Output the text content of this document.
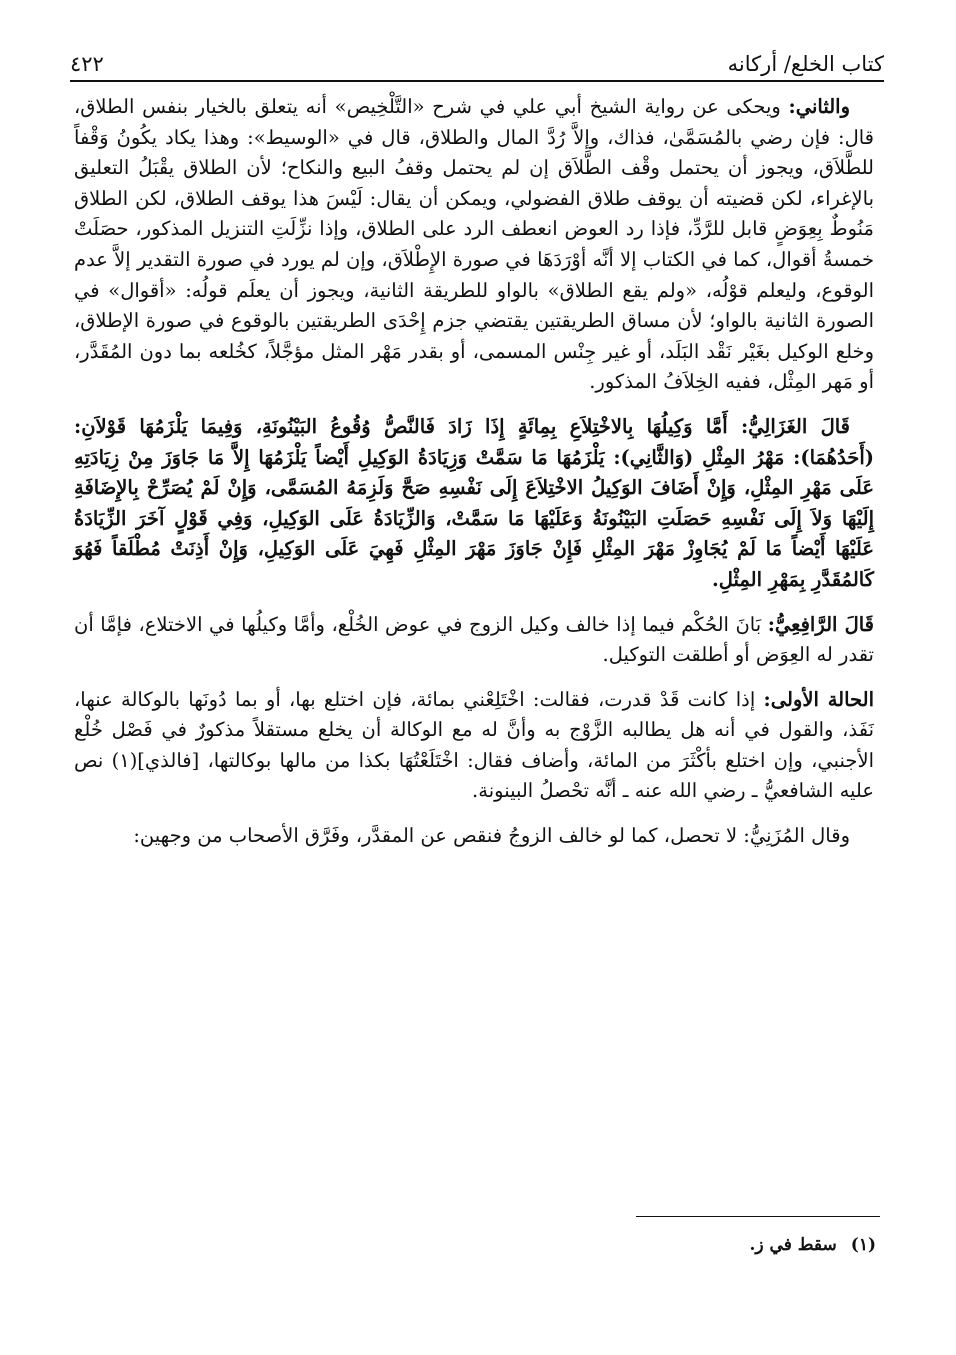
كتاب الخلع/ أركانه
٤٢٢

والثاني: ويحكى عن رواية الشيخ أبي علي في شرح «التَّلْخِيص» أنه يتعلق بالخيار بنفس الطلاق، قال: فإن رضي بالمُسَمَّىٰ، فذاك، وإلاَّ رُدَّ المال والطلاق، قال في «الوسيط»: وهذا يكاد يكُونُ وَقْفاً للطَّلاَق، ويجوز أن يحتمل وقْف الطَّلاَق إن لم يحتمل وقفُ البيع والنكاح؛ لأن الطلاق يقْبَلُ التعليق بالإغراء، لكن قضيته أن يوقف طلاق الفضولي، ويمكن أن يقال: لَيْسَ هذا يوقف الطلاق، لكن الطلاق مَنُوطٌ بِعِوَضٍ قابل للرَّدِّ، فإذا رد العوض انعطف الرد على الطلاق، وإذا نزِّلَتِ التنزيل المذكور، حصَلَتْ خمسةُ أقوال، كما في الكتاب إلا أنَّه أوْرَدَهَا في صورة الإِطْلاَق، وإن لم يورد في صورة التقدير إلاَّ عدم الوقوع، وليعلم قوْلُه، «ولم يقع الطلاق» بالواو للطريقة الثانية، ويجوز أن يعلَم قولُه: «أقوال» في الصورة الثانية بالواو؛ لأن مساق الطريقتين يقتضي جزم إِحْدَى الطريقتين بالوقوع في صورة الإطلاق، وخلع الوكيل بغَيْر نَقْد البَلَد، أو غير جِنْس المسمى، أو بقدر مَهْر المثل مؤجَّلاً، كخُلعه بما دون المُقَدَّر، أو مَهر المِثْل، ففيه الخِلاَفُ المذكور.

قَالَ الغَزَالِيُّ: أَمَّا وَكِيلُهَا بِالاخْتِلاَعِ بِمِائَةٍ إِذَا زَادَ فَالنَّصُّ وُقُوعُ البَيْنُونَةِ، وَفِيمَا يَلْزَمُهَا قَوْلاَنِ: (أَحَدُهُمَا): مَهْرُ المِثْلِ (وَالثَّانِي): يَلْزَمُهَا مَا سَمَّتْ وَزِيَادَةُ الوَكِيلِ أَيْضاً يَلْزَمُهَا إِلاَّ مَا جَاوَزَ مِنْ زِيَادَتِهِ عَلَى مَهْرِ المِثْلِ، وَإِنْ أَضَافَ الوَكِيلُ الاخْتِلاَعَ إِلَى نَفْسِهِ صَحَّ وَلَزِمَهُ المُسَمَّى، وَإِنْ لَمْ يُصَرِّحْ بِالإِضَافَةِ إِلَيْهَا وَلاَ إِلَى نَفْسِهِ حَصَلَتِ البَيْنُونَةُ وَعَلَيْهَا مَا سَمَّتْ، وَالزِّيَادَةُ عَلَى الوَكِيلِ، وَفِي قَوْلٍ آخَرَ الزِّيَادَةُ عَلَيْهَا أَيْضاً مَا لَمْ يُجَاوِزْ مَهْرَ المِثْلِ فَإِنْ جَاوَزَ مَهْرَ المِثْلِ فَهِيَ عَلَى الوَكِيلِ، وَإِنْ أَذِنَتْ مُطْلَقاً فَهُوَ كَالمُقَدَّرِ بِمَهْرِ المِثْلِ.

قَالَ الرَّافِعِيُّ: بَانَ الحُكْم فيما إذا خالف وكيل الزوج في عوض الخُلْع، وأمَّا وكيلُها في الاختلاع، فإمَّا أن تقدر له العِوَض أو أطلقت التوكيل.

الحالة الأولى: إذا كانت قَدْ قدرت، فقالت: اخْتَلِعْني بمائة، فإن اختلع بها، أو بما دُونَها بالوكالة عنها، نَفَذ، والقول في أنه هل يطالبه الزَّوْج به وأنَّ له مع الوكالة أن يخلع مستقلاً مذكورٌ في فَصْل خُلْع الأجنبي، وإن اختلع بأكْثَرَ من المائة، وأضاف فقال: اخْتَلَعْتُهَا بكذا من مالها بوكالتها، [فالذي](١) نص عليه الشافعيُّ ـ رضي الله عنه ـ أنَّه تحْصلُ البينونة.

وقال المُزَنِيُّ: لا تحصل، كما لو خالف الزوجُ فنقص عن المقدَّر، وفَرَّق الأصحاب من وجهين:

(١)سقط في ز.
